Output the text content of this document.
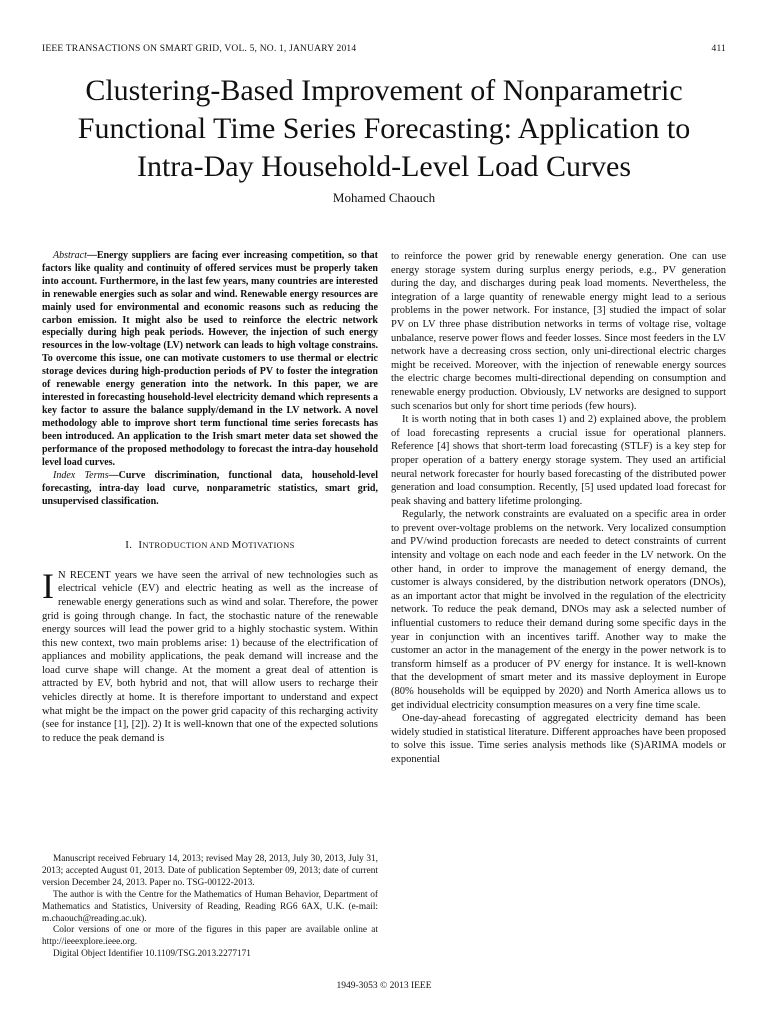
IEEE TRANSACTIONS ON SMART GRID, VOL. 5, NO. 1, JANUARY 2014	411
Clustering-Based Improvement of Nonparametric
Functional Time Series Forecasting: Application to
Intra-Day Household-Level Load Curves
Mohamed Chaouch

Abstract—Energy suppliers are facing ever increasing competition, so that factors like quality and continuity of offered services must be properly taken into account. Furthermore, in the last few years, many countries are interested in renewable energies such as solar and wind. Renewable energy resources are mainly used for environmental and economic reasons such as reducing the carbon emission. It might also be used to reinforce the electric network especially during high peak periods. However, the injection of such energy resources in the low-voltage (LV) network can leads to high voltage constrains. To overcome this issue, one can motivate customers to use thermal or electric storage devices during high-production periods of PV to foster the integration of renewable energy generation into the network. In this paper, we are interested in forecasting household-level electricity demand which represents a key factor to assure the balance supply/demand in the LV network. A novel methodology able to improve short term functional time series forecasts has been introduced. An application to the Irish smart meter data set showed the performance of the proposed methodology to forecast the intra-day household level load curves.

Index Terms—Curve discrimination, functional data, household-level forecasting, intra-day load curve, nonparametric statistics, smart grid, unsupervised classification.

I. INTRODUCTION AND MOTIVATIONS

I N RECENT years we have seen the arrival of new technologies such as electrical vehicle (EV) and electric heating as well as the increase of renewable energy generations such as wind and solar. Therefore, the power grid is going through change. In fact, the stochastic nature of the renewable energy sources will lead the power grid to a highly stochastic system. Within this new context, two main problems arise: 1) because of the electrification of appliances and mobility applications, the peak demand will increase and the load curve shape will change. At the moment a great deal of attention is attracted by EV, both hybrid and not, that will allow users to recharge their vehicles directly at home. It is therefore important to understand and expect what might be the impact on the power grid capacity of this recharging activity (see for instance [1], [2]). 2) It is well-known that one of the expected solutions to reduce the peak demand is

Manuscript received February 14, 2013; revised May 28, 2013, July 30, 2013, July 31, 2013; accepted August 01, 2013. Date of publication September 09, 2013; date of current version December 24, 2013. Paper no. TSG-00122-2013.

The author is with the Centre for the Mathematics of Human Behavior, Department of Mathematics and Statistics, University of Reading, Reading RG6 6AX, U.K. (e-mail: m.chaouch@reading.ac.uk).

Color versions of one or more of the figures in this paper are available online at http://ieeexplore.ieee.org.

Digital Object Identifier 10.1109/TSG.2013.2277171

to reinforce the power grid by renewable energy generation. One can use energy storage system during surplus energy periods, e.g., PV generation during the day, and discharges during peak load moments. Nevertheless, the integration of a large quantity of renewable energy might lead to a serious problems in the power network. For instance, [3] studied the impact of solar PV on LV three phase distribution networks in terms of voltage rise, voltage unbalance, reserve power flows and feeder losses. Since most feeders in the LV network have a decreasing cross section, only uni-directional electric charges might be received. Moreover, with the injection of renewable energy sources the electric charge becomes multi-directional depending on consumption and renewable energy production. Obviously, LV networks are designed to support such scenarios but only for short time periods (few hours).

It is worth noting that in both cases 1) and 2) explained above, the problem of load forecasting represents a crucial issue for operational planners. Reference [4] shows that short-term load forecasting (STLF) is a key step for proper operation of a battery energy storage system. They used an artificial neural network forecaster for hourly based forecasting of the distributed power generation and load consumption. Recently, [5] used updated load forecast for peak shaving and battery lifetime prolonging.

Regularly, the network constraints are evaluated on a specific area in order to prevent over-voltage problems on the network. Very localized consumption and PV/wind production forecasts are needed to detect constraints of current intensity and voltage on each node and each feeder in the LV network. On the other hand, in order to improve the management of energy demand, the customer is always considered, by the distribution network operators (DNOs), as an important actor that might be involved in the regulation of the electricity network. To reduce the peak demand, DNOs may ask a selected number of influential customers to reduce their demand during some specific days in the year in conjunction with an incentives tariff. Another way to make the customer an actor in the management of the energy in the power network is to transform himself as a producer of PV energy for instance. It is well-known that the development of smart meter and its massive deployment in Europe (80% households will be equipped by 2020) and North America allows us to get individual electricity consumption measures on a very fine time scale.

One-day-ahead forecasting of aggregated electricity demand has been widely studied in statistical literature. Different approaches have been proposed to solve this issue. Time series analysis methods like (S)ARIMA models or exponential

1949-3053 © 2013 IEEE
